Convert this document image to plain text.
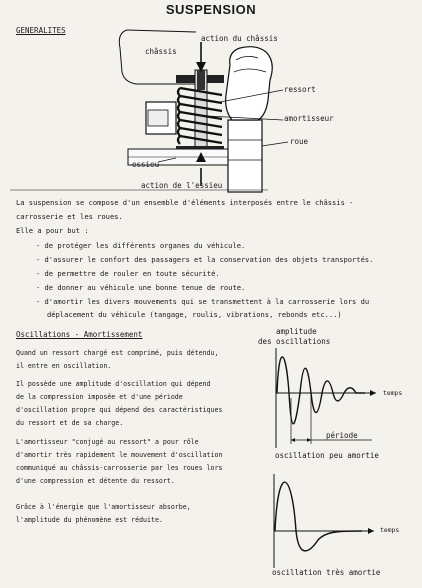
SUSPENSION
GENERALITES
action du châssis
châssis
ressort
amortisseur
roue
essieu
action de l'essieu
La suspension se compose d'un ensemble d'éléments interposés entre le châssis -
carrosserie et les roues.
Elle a pour but :
- de protéger les différents organes du véhicule.
- d'assurer le confort des passagers et la conservation des objets transportés.
- de permettre de rouler en toute sécurité.
- de donner au véhicule une bonne tenue de route.
- d'amortir les divers mouvements qui se transmettent à la carrosserie lors du
déplacement du véhicule (tangage, roulis, vibrations, rebonds etc...)
Oscillations - Amortissement
Quand un ressort chargé est comprimé, puis détendu,
il entre en oscillation.
Il possède une amplitude d'oscillation qui dépend
de la compression imposée et d'une période
d'oscillation propre qui dépend des caractéristiques
du ressort et de sa charge.
L'amortisseur "conjugé au ressort" a pour rôle
d'amortir très rapidement le mouvement d'oscillation
communiqué au châssis-carrosserie par les roues lors
d'une compression et détente du ressort.
Grâce à l'énergie que l'amortisseur absorbe,
l'amplitude du phénomène est réduite.
amplitude
des oscillations
temps
période
oscillation peu amortie
temps
oscillation très amortie
